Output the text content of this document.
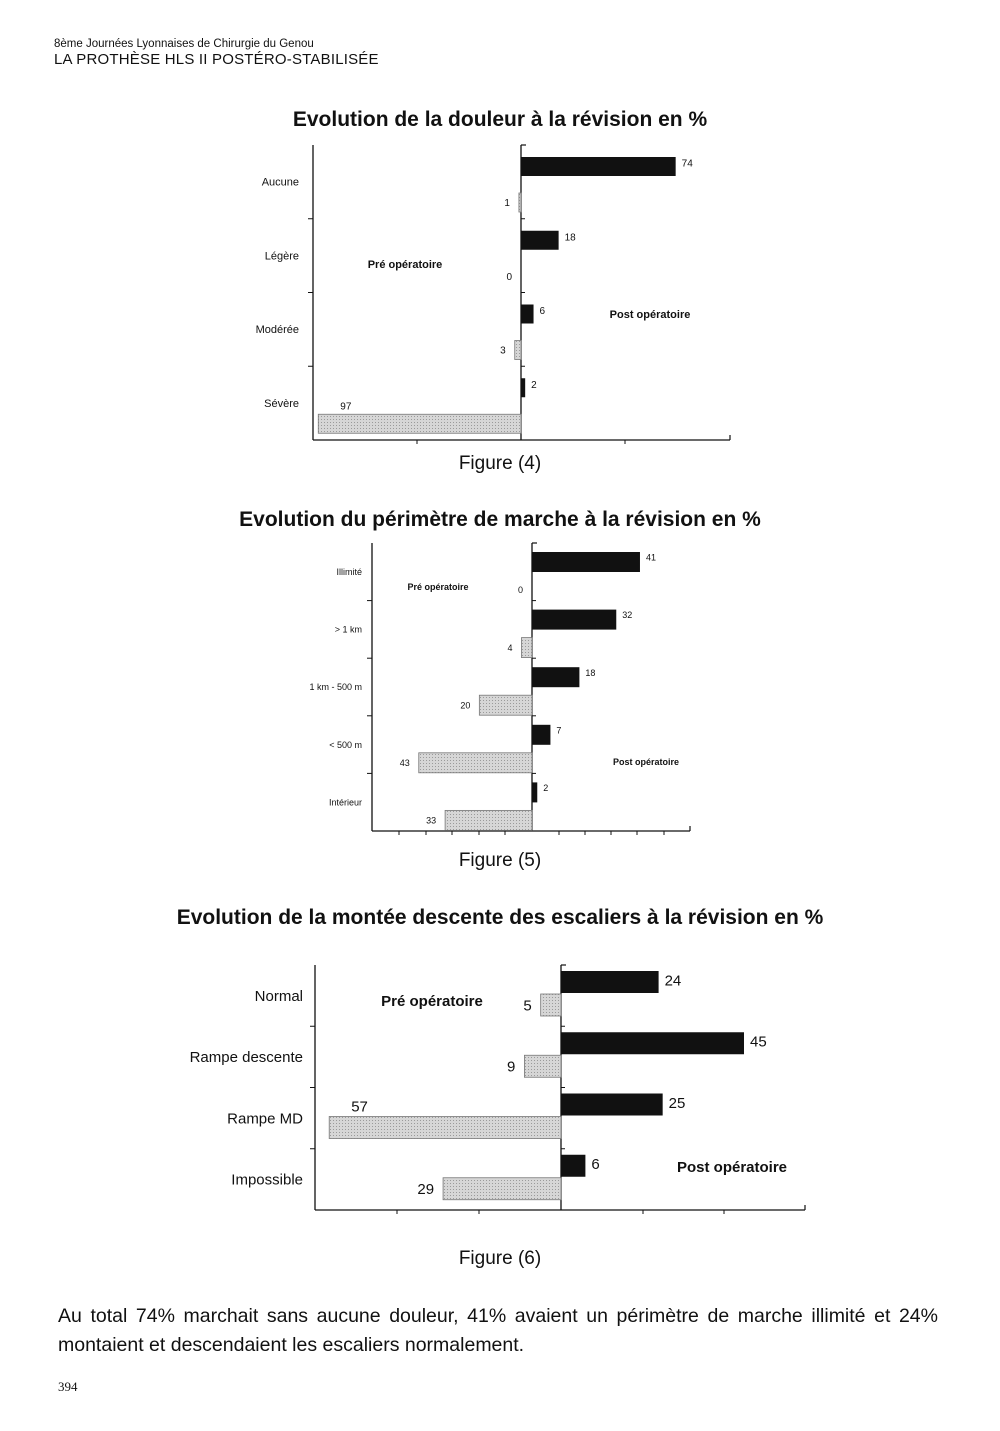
8ème Journées Lyonnaises de Chirurgie du Genou
LA PROTHÈSE HLS II POSTÉRO-STABILISÉE
Evolution de la douleur à la révision en %
Aucune
74
1
Légère
18
0
Modérée
6
3
Sévère
2
97
Pré opératoire
Post opératoire
Figure (4)
Evolution du périmètre de marche à la révision en %
Illimité
41
0
> 1 km
32
4
1 km - 500 m
18
20
< 500 m
7
43
Intérieur
2
33
Pré opératoire
Post opératoire
Figure (5)
Evolution de la montée descente des escaliers à la révision en %
Normal
24
5
Rampe descente
45
9
Rampe MD
25
57
Impossible
6
29
Pré opératoire
Post opératoire
Figure (6)
Au total 74% marchait sans aucune douleur, 41% avaient un périmètre de marche illimité et 24% montaient et descendaient les escaliers normalement.
394
